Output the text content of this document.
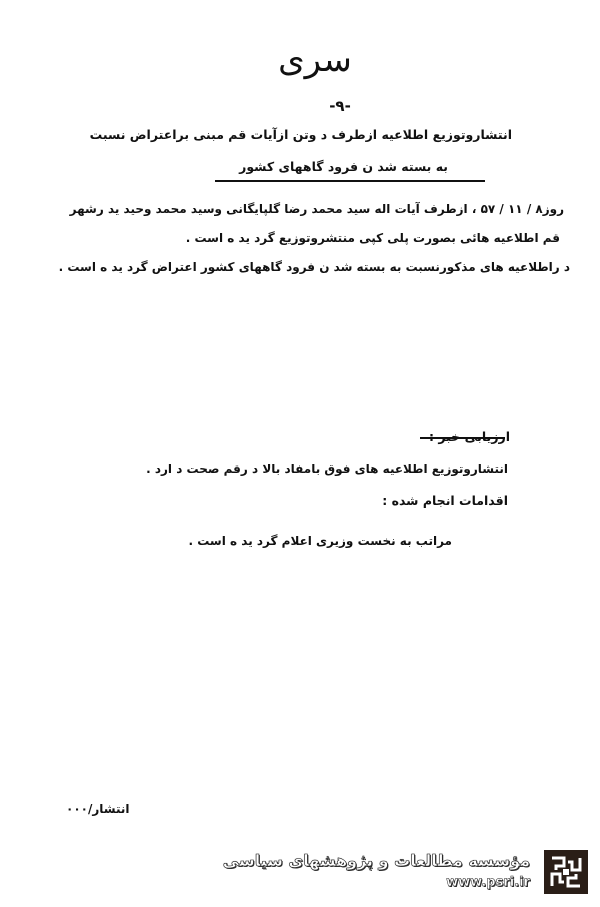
سری
-۹-
انتشاروتوزیع اطلاعیه ازطرف د وتن ازآیات قم مبنی براعتراض نسبت
به بسته شد ن فرود گاههای کشور
روز۸ / ۱۱ / ۵۷ ، ازطرف آیات اله سید محمد رضا گلپایگانی وسید محمد وحید ید رشهر
قم اطلاعیه هائی بصورت پلی کپی منتشروتوزیع گرد ید ه است .
د راطلاعیه های مذکورنسبت به بسته شد ن فرود گاههای کشور اعتراض گرد ید ه است .
ارزیابی خبر :
انتشاروتوزیع اطلاعیه های فوق بامفاد بالا د رقم صحت د ارد .
اقدامات انجام شده :
مراتب به نخست وزیری اعلام گرد ید ه است .
انتشار/۰۰۰
مؤسسه مطالعات و پژوهشهای سیاسی
www.psri.ir
